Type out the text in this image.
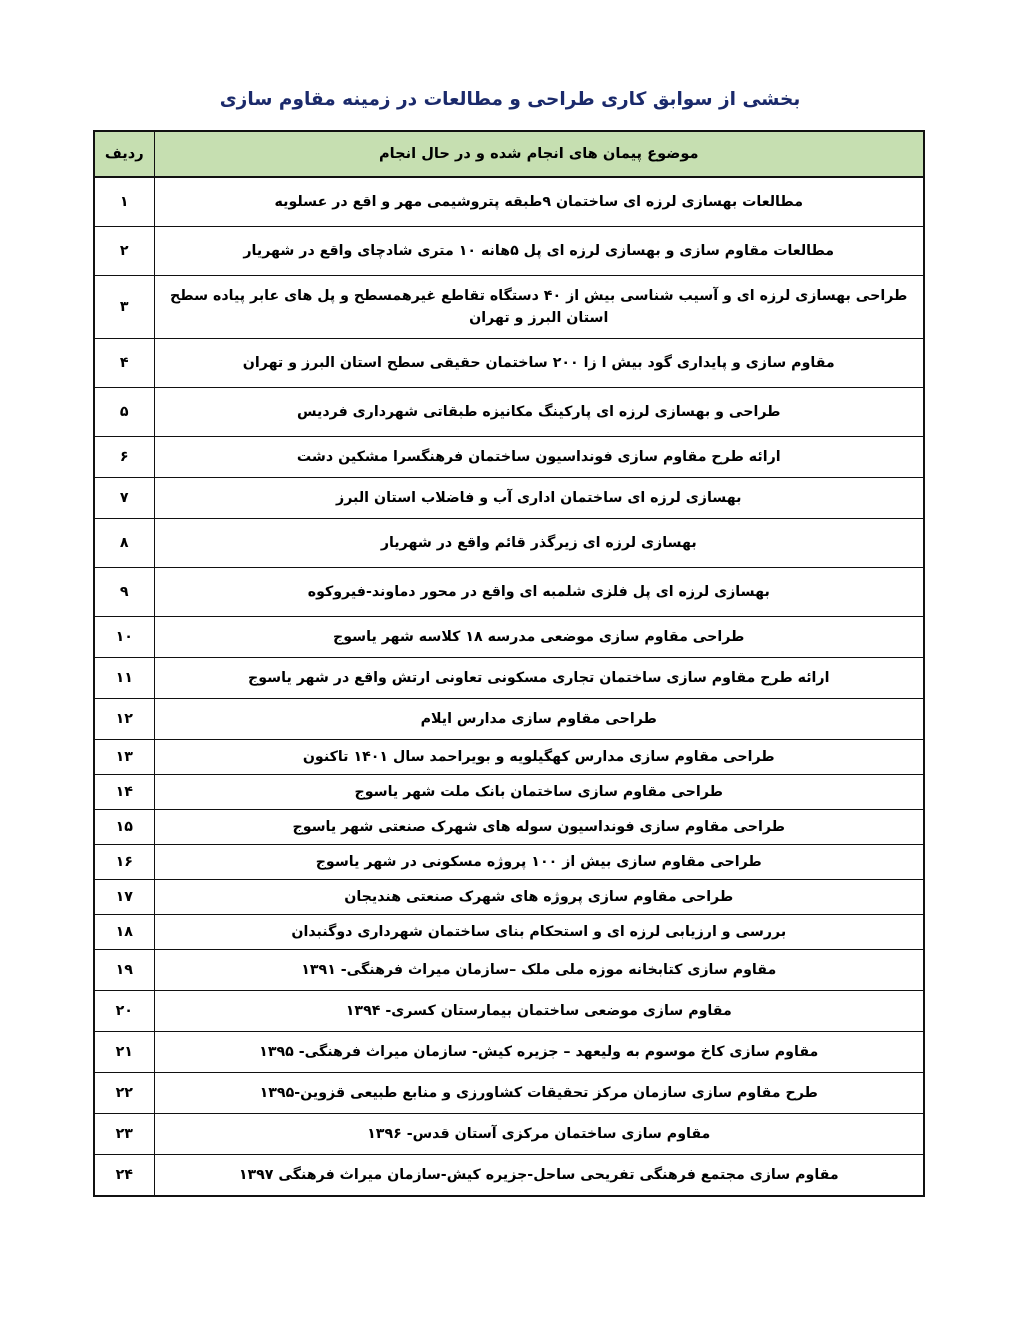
بخشی از سوابق کاری طراحی و مطالعات در زمینه مقاوم سازی
موضوع پیمان های انجام شده و در حال انجام	ردیف
مطالعات بهسازی لرزه ای ساختمان ۹طبقه پتروشیمی مهر و اقع در عسلویه	۱
مطالعات مقاوم سازی و بهسازی لرزه ای پل ۵هانه ۱۰ متری شادچای واقع در شهریار	۲
طراحی بهسازی لرزه ای و آسیب شناسی بیش از ۴۰ دستگاه تقاطع غیرهمسطح و پل های عابر پیاده سطح استان البرز و تهران	۳
مقاوم سازی و پایداری گود بیش ا زا ۲۰۰ ساختمان حقیقی سطح استان البرز و تهران	۴
طراحی و بهسازی لرزه ای پارکینگ مکانیزه طبقاتی شهرداری فردیس	۵
ارائه طرح مقاوم سازی فونداسیون ساختمان فرهنگسرا مشکین دشت	۶
بهسازی لرزه ای ساختمان اداری آب و فاضلاب استان البرز	۷
بهسازی لرزه ای زیرگذر قائم واقع در شهریار	۸
بهسازی لرزه ای پل فلزی شلمبه ای واقع در محور دماوند-فیروکوه	۹
طراحی مقاوم سازی موضعی مدرسه ۱۸ کلاسه شهر یاسوج	۱۰
ارائه طرح مقاوم سازی ساختمان تجاری مسکونی تعاونی ارتش واقع در شهر یاسوج	۱۱
طراحی مقاوم سازی مدارس ایلام	۱۲
طراحی مقاوم سازی مدارس کهگیلویه و بویراحمد سال ۱۴۰۱ تاکنون	۱۳
طراحی مقاوم سازی ساختمان بانک ملت شهر یاسوج	۱۴
طراحی مقاوم سازی فونداسیون سوله های شهرک صنعتی شهر یاسوج	۱۵
طراحی مقاوم سازی بیش از ۱۰۰ پروژه مسکونی در شهر یاسوج	۱۶
طراحی مقاوم سازی پروژه های شهرک صنعتی هندیجان	۱۷
بررسی و ارزیابی لرزه ای و استحکام بنای ساختمان شهرداری دوگنبدان	۱۸
مقاوم سازی کتابخانه موزه ملی ملک –سازمان میراث فرهنگی- ۱۳۹۱	۱۹
مقاوم سازی موضعی ساختمان بیمارستان کسری- ۱۳۹۴	۲۰
مقاوم سازی کاخ موسوم به ولیعهد – جزیره کیش- سازمان میراث فرهنگی- ۱۳۹۵	۲۱
طرح مقاوم سازی سازمان مرکز تحقیقات کشاورزی و منابع طبیعی قزوین-۱۳۹۵	۲۲
مقاوم سازی ساختمان مرکزی آستان قدس- ۱۳۹۶	۲۳
مقاوم سازی مجتمع فرهنگی تفریحی ساحل-جزیره کیش-سازمان میراث فرهنگی ۱۳۹۷	۲۴
